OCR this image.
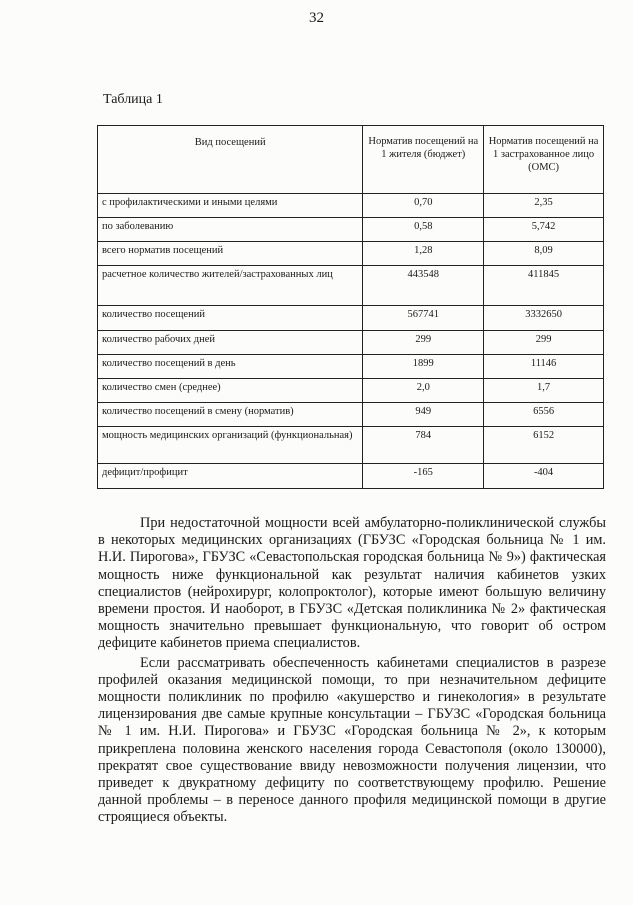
32
Таблица 1
Вид посещений	Норматив посещений на 1 жителя (бюджет)	Норматив посещений на 1 застрахованное лицо (ОМС)
с профилактическими и иными целями	0,70	2,35
по заболеванию	0,58	5,742
всего норматив посещений	1,28	8,09
расчетное количество жителей/застрахованных лиц	443548	411845
количество посещений	567741	3332650
количество рабочих дней	299	299
количество посещений в день	1899	11146
количество смен (среднее)	2,0	1,7
количество посещений в смену (норматив)	949	6556
мощность медицинских организаций (функциональная)	784	6152
дефицит/профицит	-165	-404

При недостаточной мощности всей амбулаторно-поликлинической службы в некоторых медицинских организациях (ГБУЗС «Городская больница № 1 им. Н.И. Пирогова», ГБУЗС «Севастопольская городская больница № 9») фактическая мощность ниже функциональной как результат наличия кабинетов узких специалистов (нейрохирург, колопроктолог), которые имеют большую величину времени простоя. И наоборот, в ГБУЗС «Детская поликлиника № 2» фактическая мощность значительно превышает функциональную, что говорит об остром дефиците кабинетов приема специалистов.

Если рассматривать обеспеченность кабинетами специалистов в разрезе профилей оказания медицинской помощи, то при незначительном дефиците мощности поликлиник по профилю «акушерство и гинекология» в результате лицензирования две самые крупные консультации – ГБУЗС «Городская больница № 1 им. Н.И. Пирогова» и ГБУЗС «Городская больница № 2», к которым прикреплена половина женского населения города Севастополя (около 130000), прекратят свое существование ввиду невозможности получения лицензии, что приведет к двукратному дефициту по соответствующему профилю. Решение данной проблемы – в переносе данного профиля медицинской помощи в другие строящиеся объекты.
